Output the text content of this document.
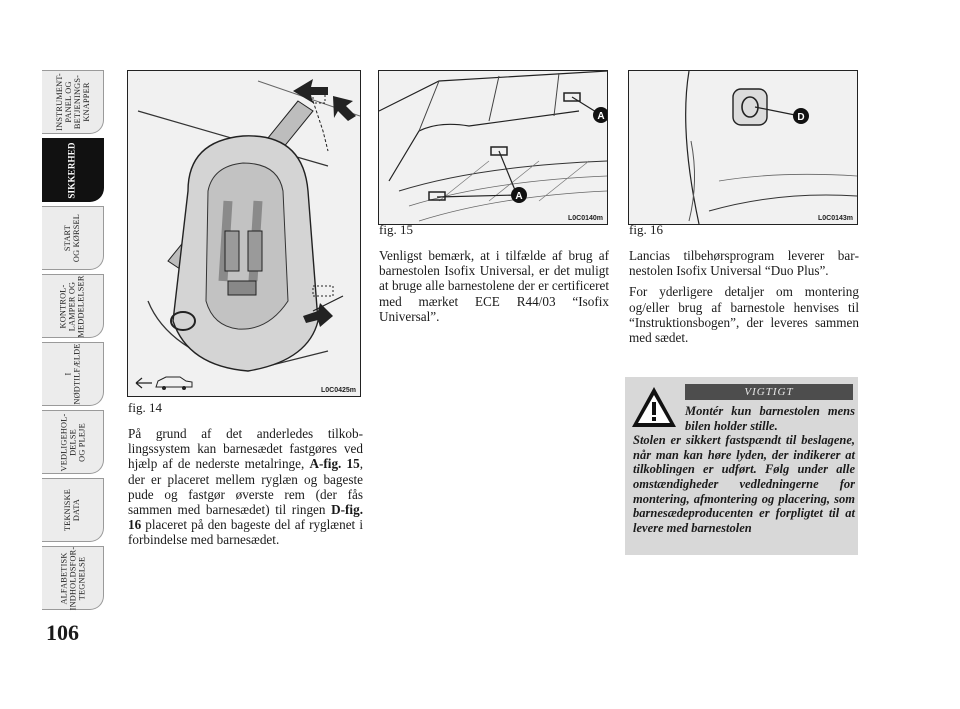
INSTRUMENT-
PANEL OG
BETJENINGS-
KNAPPER
SIKKERHED
START
OG KØRSEL
KONTROL-
LAMPER OG
MEDDELELSER
I
NØDTILFÆLDE
VEDLIGEHOL-
DELSE
OG PLEJE
TEKNISKE
DATA
ALFABETISK
INDHOLDSFOR-
TEGNELSE
106
L0C0425m
fig. 14
A
A
L0C0140m
fig. 15
D
L0C0143m
fig. 16

På grund af det anderledes tilkoblingssystem kan barnesædet fastgøres ved hjælp af de nederste metalringe, A-fig. 15, der er placeret mellem ryglæn og bageste pude og fastgør øverste rem (der fås sammen med barnesædet) til ringen D-fig. 16 placeret på den bageste del af ryglænet i forbindelse med barnesædet.

Venligst bemærk, at i tilfælde af brug af barnestolen Isofix Universal, er det muligt at bruge alle barnestolene der er certificeret med mærket ECE R44/03 “Isofix Universal”.

Lancias tilbehørsprogram leverer barnestolen Isofix Universal “Duo Plus”.

For yderligere detaljer om montering og/eller brug af barnestole henvises til “Instruktionsbogen”, der leveres sammen med sædet.

VIGTIGT
Montér kun barnestolen mens bilen holder stille.
Stolen er sikkert fastspændt til beslagene, når man kan høre lyden, der indikerer at tilkoblingen er udført. Følg under alle omstændigheder vedledningerne for montering, afmontering og placering, som barnesædeproducenten er forpligtet til at levere med barnestolen
